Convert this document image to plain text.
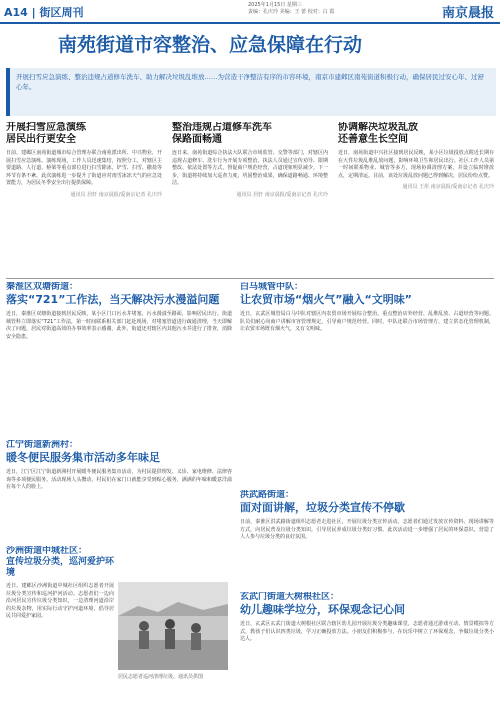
A14 | 街区周刊
2025年1月15日 星期三
责编：孔庆玲 美编：王 蕾 校对：白 霞	南京晨报
南苑街道市容整治、应急保障在行动
开展扫雪应急演练、整治违规占道修车洗车、助力解决垃圾乱堆放……为营造干净整洁有序的市容环境，南京市建邺区南苑街道积极行动，确保居民过安心年、过舒心年。
开展扫雪应急演练
居民出行更安全
日前，建邺区南苑街道城市综合管理办联合南苑派出所、中兴物业，开展扫雪应急演练。演练现场，工作人员迅速集结，按照分工，对辖区主要道路、人行道、桥梁等重点部位进行扫雪除冰，铲雪、扫雪、撒盐等环节有条不紊。此次演练进一步提升了街道应对雨雪冰冻天气的应急处置能力，为居民冬季安全出行提供保障。
通讯员 居轩 南京晨报/爱南京记者 孔庆玲
整治违规占道修车洗车
保路面畅通
连日来，南苑街道综合执法大队联合市场监管、交警等部门，对辖区内违规占道修车、洗车行为开展专项整治。执法人员通过宣传劝导、限期整改、依法处置等方式，督促商户规范经营，占道现象明显减少。下一步，街道将持续加大巡查力度，巩固整治成果，确保道路畅通、环境整洁。
通讯员 居轩 南京晨报/爱南京记者 孔庆玲
协调解决垃圾乱放
还善意生长空间
近日，南苑街道中兴社区接到居民反映，某小区垃圾投放点附近长期存在大件垃圾乱堆乱放问题，影响环境卫生和居民出行。社区工作人员第一时间联系物业、城管等多方，现场协调清理方案，并设立临时堆放点，定期清运。目前，该处垃圾乱放问题已得到解决，居民纷纷点赞。
通讯员 王彤 南京晨报/爱南京记者 孔庆玲
秦淮区双塘街道：
落实“721”工作法，当天解决污水漫溢问题
近日，秦淮区双塘街道接到居民反映，某小区门口污水井堵塞，污水漫溢至路面，影响居民出行。街道城管科立即落实“721”工作法，第一时间联系相关部门赶赴现场，对堵塞管道进行疏通清理，当天即解决了问题，居民对街道高效的办事效率表示感谢。此外，街道还对辖区内其他污水井进行了排查，消除安全隐患。
白马城管中队：
让农贸市场“烟火气”融入“文明味”
近日，玄武区城管局白马中队对辖区内农贸市场开展综合整治，重点整治店外经营、乱堆乱放、占道经营等问题。队员们耐心向商户讲解市容管理规定，引导商户规范经营。同时，中队还联合市场管理方，建立常态化管理机制，让农贸市场既有烟火气，又有文明味。
江宁街道新洲村：
暖冬便民服务集市活动多年味足
近日，江宁区江宁街道新洲村开展暖冬便民服务集市活动，为村民提供理发、义诊、家电维修、法律咨询等多项便民服务。活动现场人头攒动，村民们在家门口就能享受到贴心服务，满满的年味和暖意洋溢在每个人的脸上。
洪武路街道：
面对面讲解，垃圾分类宣传不停歇
日前，秦淮区洪武路街道组织志愿者走进社区，开展垃圾分类宣传活动。志愿者们通过发放宣传资料、现场讲解等方式，向居民普及垃圾分类知识，引导居民养成垃圾分类好习惯。此次活动进一步增强了居民的环保意识，营造了人人参与垃圾分类的良好氛围。
沙洲街道中城社区：
宣传垃圾分类，巡河爱护环境
近日，建邺区沙洲街道中城社区组织志愿者开展垃圾分类宣传和巡河护河活动。志愿者们一边向沿河居民宣传垃圾分类知识，一边清理河道沿岸的垃圾杂物，用实际行动守护河道环境，倡导居民共同爱护家园。
居民志愿者巡河清理垃圾。通讯员供图
玄武门街道大树根社区：
幼儿趣味学垃分，环保观念记心间
近日，玄武区玄武门街道大树根社区联合辖区幼儿园开展垃圾分类趣味课堂。志愿者通过游戏互动、情景模拟等方式，教孩子们认识四类垃圾，学习正确投放方法。小朋友们积极参与，在玩乐中树立了环保观念，争做垃圾分类小达人。
